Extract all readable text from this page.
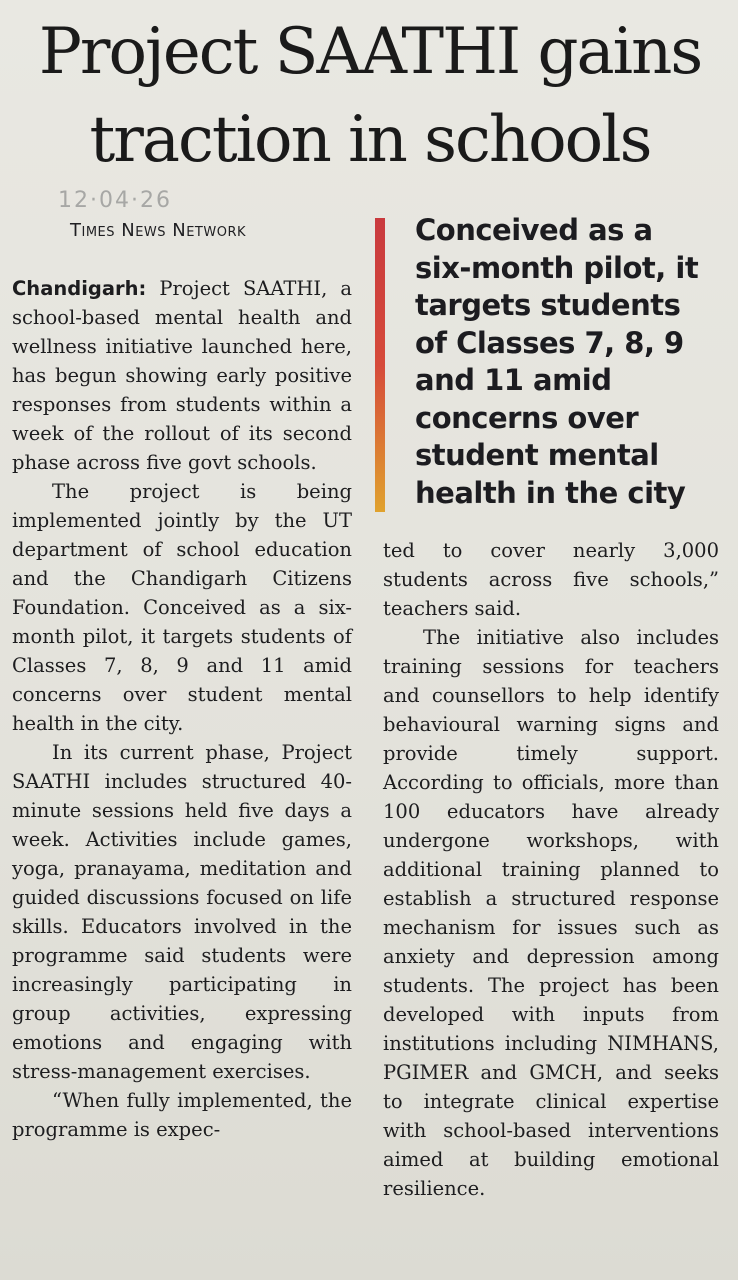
Project SAATHI gains traction in schools
12·04·26
Times News Network	Conceived as a six-month pilot, it targets students of Classes 7, 8, 9 and 11 amid concerns over student mental health in the city

Chandigarh: Project SAATHI, a school-based mental health and wellness initiative launched here, has begun showing early positive responses from students within a week of the rollout of its second phase across five govt schools.

The project is being implemented jointly by the UT department of school education and the Chandigarh Citizens Foundation. Conceived as a six-month pilot, it targets students of Classes 7, 8, 9 and 11 amid concerns over student mental health in the city.

In its current phase, Project SAATHI includes structured 40-minute sessions held five days a week. Activities include games, yoga, pranayama, meditation and guided discussions focused on life skills. Educators involved in the programme said students were increasingly participating in group activities, expressing emotions and engaging with stress-management exercises.

“When fully implemented, the programme is expec-

ted to cover nearly 3,000 students across five schools,” teachers said.

The initiative also includes training sessions for teachers and counsellors to help identify behavioural warning signs and provide timely support. According to officials, more than 100 educators have already undergone workshops, with additional training planned to establish a structured response mechanism for issues such as anxiety and depression among students. The project has been developed with inputs from institutions including NIMHANS, PGIMER and GMCH, and seeks to integrate clinical expertise with school-based interventions aimed at building emotional resilience.
